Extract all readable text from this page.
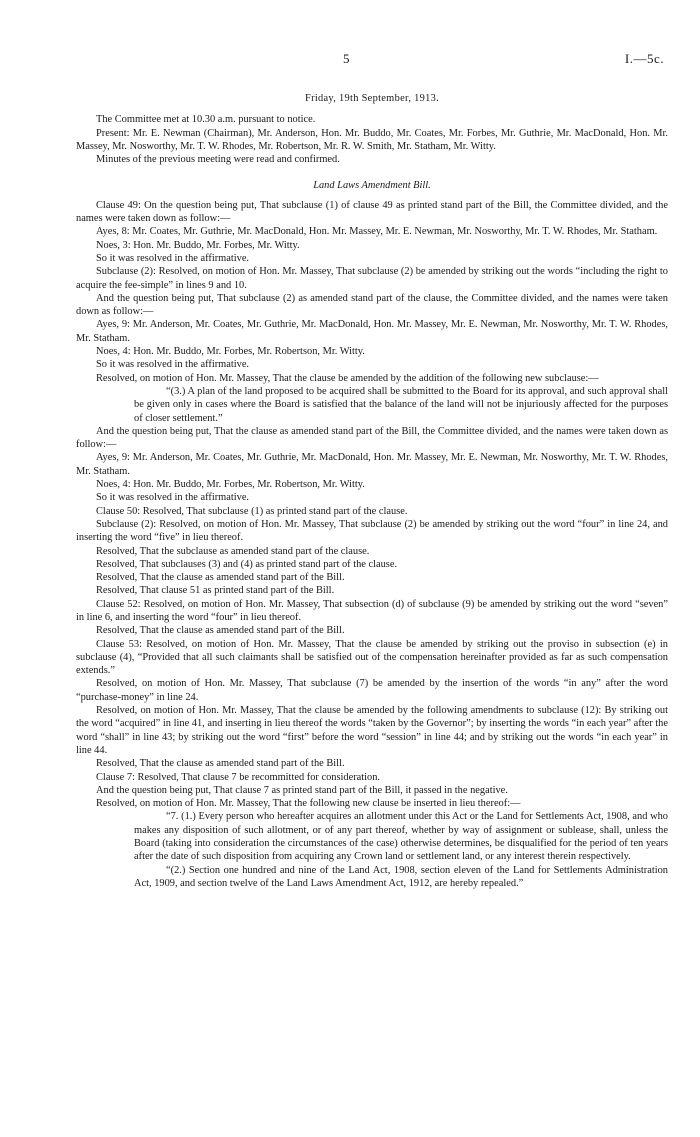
5	I.—5c.
Friday, 19th September, 1913.

The Committee met at 10.30 a.m. pursuant to notice.

Present: Mr. E. Newman (Chairman), Mr. Anderson, Hon. Mr. Buddo, Mr. Coates, Mr. Forbes, Mr. Guthrie, Mr. MacDonald, Hon. Mr. Massey, Mr. Nosworthy, Mr. T. W. Rhodes, Mr. Robertson, Mr. R. W. Smith, Mr. Statham, Mr. Witty.

Minutes of the previous meeting were read and confirmed.

Land Laws Amendment Bill.

Clause 49: On the question being put, That subclause (1) of clause 49 as printed stand part of the Bill, the Committee divided, and the names were taken down as follow:—

Ayes, 8: Mr. Coates, Mr. Guthrie, Mr. MacDonald, Hon. Mr. Massey, Mr. E. Newman, Mr. Nosworthy, Mr. T. W. Rhodes, Mr. Statham.

Noes, 3: Hon. Mr. Buddo, Mr. Forbes, Mr. Witty.

So it was resolved in the affirmative.

Subclause (2): Resolved, on motion of Hon. Mr. Massey, That subclause (2) be amended by striking out the words “including the right to acquire the fee-simple” in lines 9 and 10.

And the question being put, That subclause (2) as amended stand part of the clause, the Committee divided, and the names were taken down as follow:—

Ayes, 9: Mr. Anderson, Mr. Coates, Mr. Guthrie, Mr. MacDonald, Hon. Mr. Massey, Mr. E. Newman, Mr. Nosworthy, Mr. T. W. Rhodes, Mr. Statham.

Noes, 4: Hon. Mr. Buddo, Mr. Forbes, Mr. Robertson, Mr. Witty.

So it was resolved in the affirmative.

Resolved, on motion of Hon. Mr. Massey, That the clause be amended by the addition of the following new subclause:—

“(3.) A plan of the land proposed to be acquired shall be submitted to the Board for its approval, and such approval shall be given only in cases where the Board is satisfied that the balance of the land will not be injuriously affected for the purposes of closer settlement.”

And the question being put, That the clause as amended stand part of the Bill, the Committee divided, and the names were taken down as follow:—

Ayes, 9: Mr. Anderson, Mr. Coates, Mr. Guthrie, Mr. MacDonald, Hon. Mr. Massey, Mr. E. Newman, Mr. Nosworthy, Mr. T. W. Rhodes, Mr. Statham.

Noes, 4: Hon. Mr. Buddo, Mr. Forbes, Mr. Robertson, Mr. Witty.

So it was resolved in the affirmative.

Clause 50: Resolved, That subclause (1) as printed stand part of the clause.

Subclause (2): Resolved, on motion of Hon. Mr. Massey, That subclause (2) be amended by striking out the word “four” in line 24, and inserting the word “five” in lieu thereof.

Resolved, That the subclause as amended stand part of the clause.

Resolved, That subclauses (3) and (4) as printed stand part of the clause.

Resolved, That the clause as amended stand part of the Bill.

Resolved, That clause 51 as printed stand part of the Bill.

Clause 52: Resolved, on motion of Hon. Mr. Massey, That subsection (d) of subclause (9) be amended by striking out the word “seven” in line 6, and inserting the word “four” in lieu thereof.

Resolved, That the clause as amended stand part of the Bill.

Clause 53: Resolved, on motion of Hon. Mr. Massey, That the clause be amended by striking out the proviso in subsection (e) in subclause (4), “Provided that all such claimants shall be satisfied out of the compensation hereinafter provided as far as such compensation extends.”

Resolved, on motion of Hon. Mr. Massey, That subclause (7) be amended by the insertion of the words “in any” after the word “purchase-money” in line 24.

Resolved, on motion of Hon. Mr. Massey, That the clause be amended by the following amendments to subclause (12): By striking out the word “acquired” in line 41, and inserting in lieu thereof the words “taken by the Governor”; by inserting the words “in each year” after the word “shall” in line 43; by striking out the word “first” before the word “session” in line 44; and by striking out the words “in each year” in line 44.

Resolved, That the clause as amended stand part of the Bill.

Clause 7: Resolved, That clause 7 be recommitted for consideration.

And the question being put, That clause 7 as printed stand part of the Bill, it passed in the negative.

Resolved, on motion of Hon. Mr. Massey, That the following new clause be inserted in lieu thereof:—

“7. (1.) Every person who hereafter acquires an allotment under this Act or the Land for Settlements Act, 1908, and who makes any disposition of such allotment, or of any part thereof, whether by way of assignment or sublease, shall, unless the Board (taking into consideration the circumstances of the case) otherwise determines, be disqualified for the period of ten years after the date of such disposition from acquiring any Crown land or settlement land, or any interest therein respectively.

“(2.) Section one hundred and nine of the Land Act, 1908, section eleven of the Land for Settlements Administration Act, 1909, and section twelve of the Land Laws Amendment Act, 1912, are hereby repealed.”
